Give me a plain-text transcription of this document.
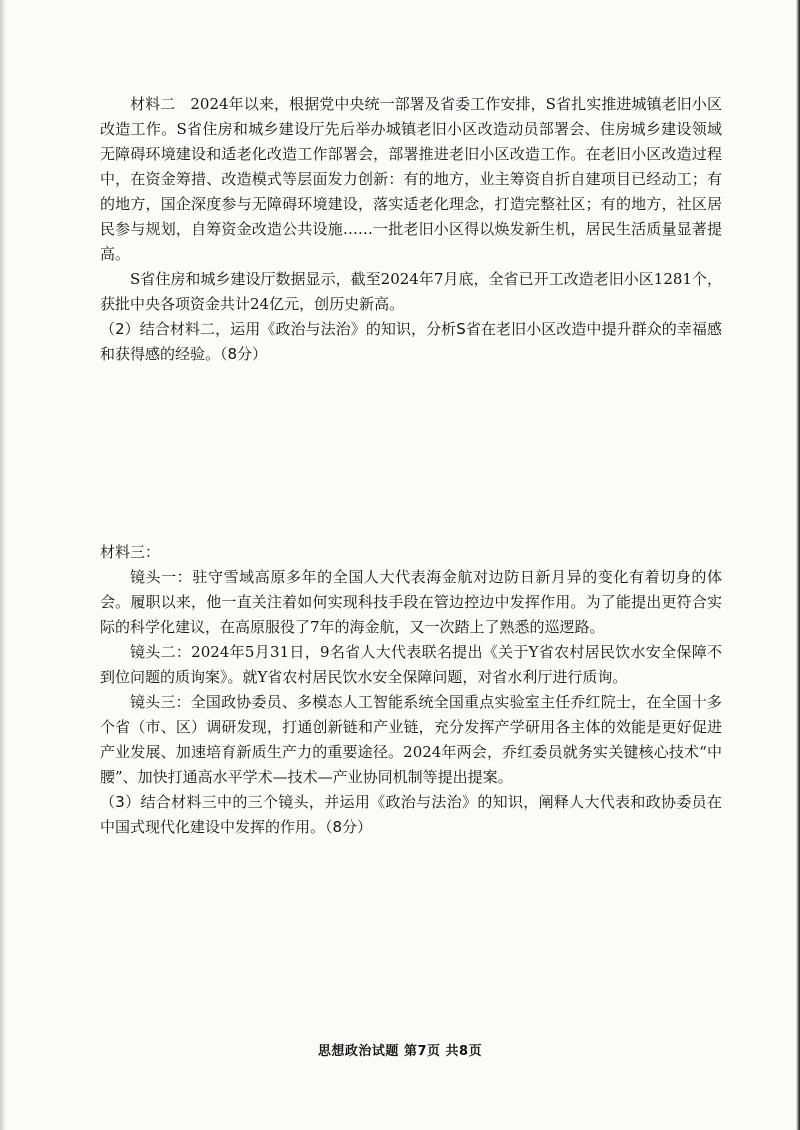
材料二　2024年以来，根据党中央统一部署及省委工作安排，S省扎实推进城镇老旧小区改造工作。S省住房和城乡建设厅先后举办城镇老旧小区改造动员部署会、住房城乡建设领域无障碍环境建设和适老化改造工作部署会，部署推进老旧小区改造工作。在老旧小区改造过程中，在资金筹措、改造模式等层面发力创新：有的地方，业主筹资自折自建项目已经动工；有的地方，国企深度参与无障碍环境建设，落实适老化理念，打造完整社区；有的地方，社区居民参与规划，自筹资金改造公共设施……一批老旧小区得以焕发新生机，居民生活质量显著提高。

S省住房和城乡建设厅数据显示，截至2024年7月底，全省已开工改造老旧小区1281个，获批中央各项资金共计24亿元，创历史新高。

（2）结合材料二，运用《政治与法治》的知识，分析S省在老旧小区改造中提升群众的幸福感和获得感的经验。（8分）

材料三：

镜头一：驻守雪域高原多年的全国人大代表海金航对边防日新月异的变化有着切身的体会。履职以来，他一直关注着如何实现科技手段在管边控边中发挥作用。为了能提出更符合实际的科学化建议，在高原服役了7年的海金航，又一次踏上了熟悉的巡逻路。

镜头二：2024年5月31日，9名省人大代表联名提出《关于Y省农村居民饮水安全保障不到位问题的质询案》。就Y省农村居民饮水安全保障问题，对省水利厅进行质询。

镜头三：全国政协委员、多模态人工智能系统全国重点实验室主任乔红院士，在全国十多个省（市、区）调研发现，打通创新链和产业链，充分发挥产学研用各主体的效能是更好促进产业发展、加速培育新质生产力的重要途径。2024年两会，乔红委员就务实关键核心技术“中腰”、加快打通高水平学术—技术—产业协同机制等提出提案。

（3）结合材料三中的三个镜头，并运用《政治与法治》的知识，阐释人大代表和政协委员在中国式现代化建设中发挥的作用。（8分）

思想政治试题 第7页 共8页
